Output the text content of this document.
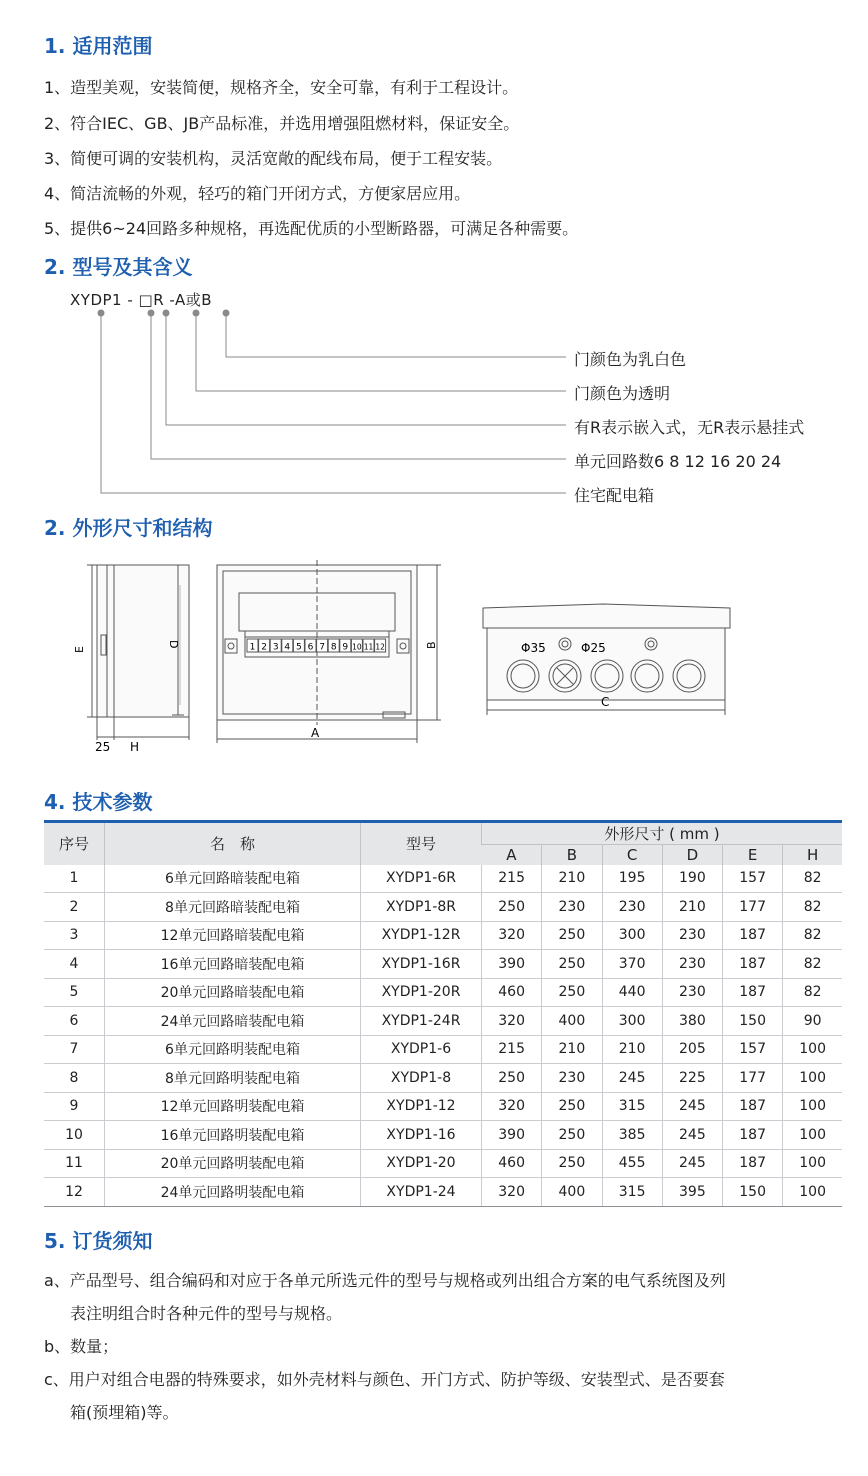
1. 适用范围
1、造型美观，安装简便，规格齐全，安全可靠，有利于工程设计。
2、符合IEC、GB、JB产品标准，并选用增强阻燃材料，保证安全。
3、简便可调的安装机构，灵活宽敞的配线布局，便于工程安装。
4、简洁流畅的外观，轻巧的箱门开闭方式，方便家居应用。
5、提供6~24回路多种规格，再选配优质的小型断路器，可满足各种需要。
2. 型号及其含义
XYDP1 - □R -A或B
门颜色为乳白色
门颜色为透明
有R表示嵌入式，无R表示悬挂式
单元回路数6 8 12 16 20 24
住宅配电箱
2. 外形尺寸和结构
E
25 H
D	1 2 3 4 5 6 7 8 9 10 11 12
A
B	Φ35	Φ25
C
4. 技术参数
序号	名　称	型号	外形尺寸 ( mm )					
			A	B	C	D	E	H
1	6单元回路暗装配电箱	XYDP1-6R	215	210	195	190	157	82
2	8单元回路暗装配电箱	XYDP1-8R	250	230	230	210	177	82
3	12单元回路暗装配电箱	XYDP1-12R	320	250	300	230	187	82
4	16单元回路暗装配电箱	XYDP1-16R	390	250	370	230	187	82
5	20单元回路暗装配电箱	XYDP1-20R	460	250	440	230	187	82
6	24单元回路暗装配电箱	XYDP1-24R	320	400	300	380	150	90
7	6单元回路明装配电箱	XYDP1-6	215	210	210	205	157	100
8	8单元回路明装配电箱	XYDP1-8	250	230	245	225	177	100
9	12单元回路明装配电箱	XYDP1-12	320	250	315	245	187	100
10	16单元回路明装配电箱	XYDP1-16	390	250	385	245	187	100
11	20单元回路明装配电箱	XYDP1-20	460	250	455	245	187	100
12	24单元回路明装配电箱	XYDP1-24	320	400	315	395	150	100
5. 订货须知
a、产品型号、组合编码和对应于各单元所选元件的型号与规格或列出组合方案的电气系统图及列
表注明组合时各种元件的型号与规格。
b、数量；
c、用户对组合电器的特殊要求，如外壳材料与颜色、开门方式、防护等级、安装型式、是否要套
箱(预埋箱)等。
